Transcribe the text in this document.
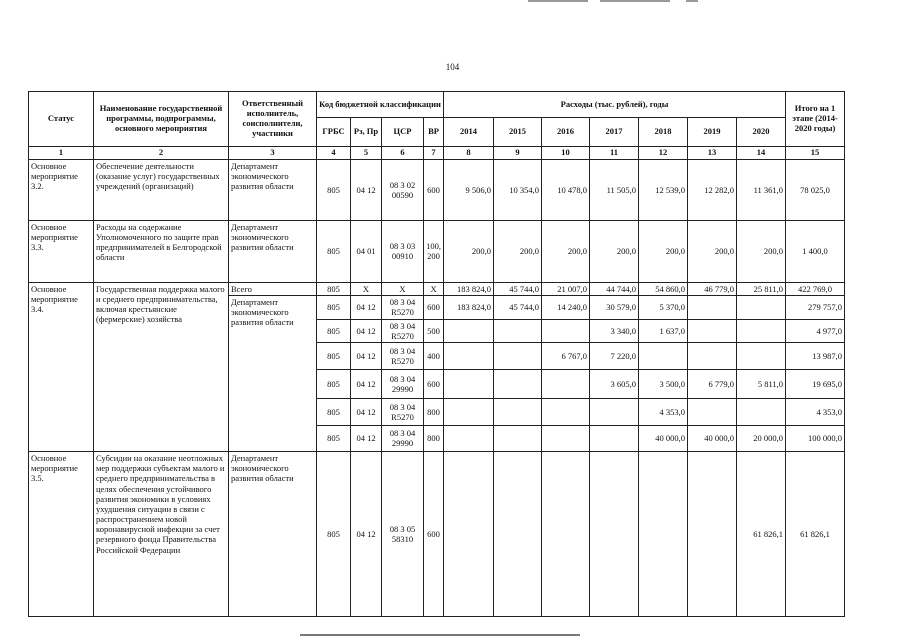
104
Статус	Наименование государственной программы, подпрограммы, основного мероприятия	Ответственный исполнитель, соисполнители, участники	Код бюджетной классификации				Расходы (тыс. рублей), годы							Итого на 1 этапе (2014-2020 годы)
			ГРБС	Рз, Пр	ЦСР	ВР	2014	2015	2016	2017	2018	2019	2020	
1	2	3	4	5	6	7	8	9	10	11	12	13	14	15
Основное мероприятие 3.2.	Обеспечение деятельности (оказание услуг) государственных учреждений (организаций)	Департамент экономического развития области	805	04 12	08 3 02 00590	600	9 506,0	10 354,0	10 478,0	11 505,0	12 539,0	12 282,0	11 361,0	78 025,0
Основное мероприятие 3.3.	Расходы на содержание Уполномоченного по защите прав предпринимателей в Белгородской области	Департамент экономического развития области	805	04 01	08 3 03 00910	100, 200	200,0	200,0	200,0	200,0	200,0	200,0	200,0	1 400,0
Основное мероприятие 3.4.	Государственная поддержка малого и среднего предпринимательства, включая крестьянские (фермерские) хозяйства	Всего	805	X	X	X	183 824,0	45 744,0	21 007,0	44 744,0	54 860,0	46 779,0	25 811,0	422 769,0
		Департамент экономического развития области	805	04 12	08 3 04 R5270	600	183 824,0	45 744,0	14 240,0	30 579,0	5 370,0			279 757,0
			805	04 12	08 3 04 R5270	500				3 340,0	1 637,0			4 977,0
			805	04 12	08 3 04 R5270	400			6 767,0	7 220,0				13 987,0
			805	04 12	08 3 04 29990	600				3 605,0	3 500,0	6 779,0	5 811,0	19 695,0
			805	04 12	08 3 04 R5270	800					4 353,0			4 353,0
			805	04 12	08 3 04 29990	800					40 000,0	40 000,0	20 000,0	100 000,0
Основное мероприятие 3.5.	Субсидии на оказание неотложных мер поддержки субъектам малого и среднего предпринимательства в целях обеспечения устойчивого развития экономики в условиях ухудшения ситуации в связи с распространением новой коронавирусной инфекции за счет резервного фонда Правительства Российской Федерации	Департамент экономического развития области	805	04 12	08 3 05 58310	600							61 826,1	61 826,1
